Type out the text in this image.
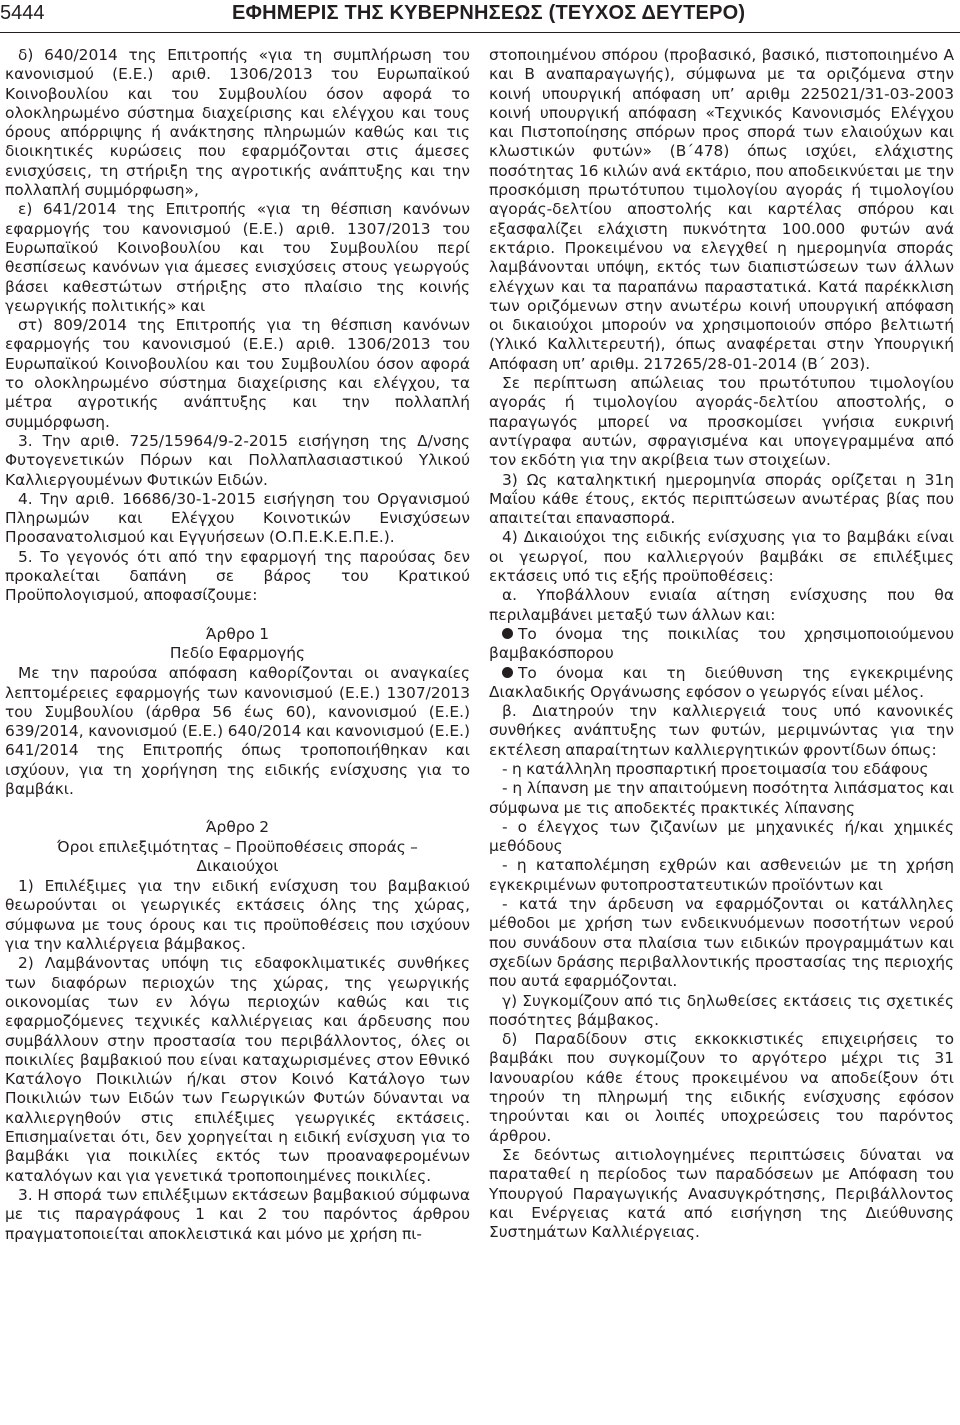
5444	ΕΦΗΜΕΡΙΣ ΤΗΣ ΚΥΒΕΡΝΗΣΕΩΣ (ΤΕΥΧΟΣ ΔΕΥΤΕΡΟ)

δ) 640/2014 της Επιτροπής «για τη συμπλήρωση του κανονισμού (Ε.Ε.) αριθ. 1306/2013 του Ευρωπαϊκού Κοινοβουλίου και του Συμβουλίου όσον αφορά το ολοκληρωμένο σύστημα διαχείρισης και ελέγχου και τους όρους απόρριψης ή ανάκτησης πληρωμών καθώς και τις διοικητικές κυρώσεις που εφαρμόζονται στις άμεσες ενισχύσεις, τη στήριξη της αγροτικής ανάπτυξης και την πολλαπλή συμμόρφωση»,

ε) 641/2014 της Επιτροπής «για τη θέσπιση κανόνων εφαρμογής του κανονισμού (Ε.Ε.) αριθ. 1307/2013 του Ευρωπαϊκού Κοινοβουλίου και του Συμβουλίου περί θεσπίσεως κανόνων για άμεσες ενισχύσεις στους γεωργούς βάσει καθεστώτων στήριξης στο πλαίσιο της κοινής γεωργικής πολιτικής» και

στ) 809/2014 της Επιτροπής για τη θέσπιση κανόνων εφαρμογής του κανονισμού (Ε.Ε.) αριθ. 1306/2013 του Ευρωπαϊκού Κοινοβουλίου και του Συμβουλίου όσον αφορά το ολοκληρωμένο σύστημα διαχείρισης και ελέγχου, τα μέτρα αγροτικής ανάπτυξης και την πολλαπλή συμμόρφωση.

3. Την αριθ. 725/15964/9-2-2015 εισήγηση της Δ/νσης Φυτογενετικών Πόρων και Πολλαπλασιαστικού Υλικού Καλλιεργουμένων Φυτικών Ειδών.

4. Την αριθ. 16686/30-1-2015 εισήγηση του Οργανισμού Πληρωμών και Ελέγχου Κοινοτικών Ενισχύσεων Προσανατολισμού και Εγγυήσεων (Ο.Π.Ε.Κ.Ε.Π.Ε.).

5. Το γεγονός ότι από την εφαρμογή της παρούσας δεν προκαλείται δαπάνη σε βάρος του Κρατικού Προϋπολογισμού, αποφασίζουμε:

Άρθρο 1

Πεδίο Εφαρμογής

Με την παρούσα απόφαση καθορίζονται οι αναγκαίες λεπτομέρειες εφαρμογής των κανονισμού (Ε.Ε.) 1307/2013 του Συμβουλίου (άρθρα 56 έως 60), κανονισμού (Ε.Ε.) 639/2014, κανονισμού (Ε.Ε.) 640/2014 και κανονισμού (Ε.Ε.) 641/2014 της Επιτροπής όπως τροποποιήθηκαν και ισχύουν, για τη χορήγηση της ειδικής ενίσχυσης για το βαμβάκι.

Άρθρο 2

Όροι επιλεξιμότητας – Προϋποθέσεις σποράς – Δικαιούχοι

1) Επιλέξιμες για την ειδική ενίσχυση του βαμβακιού θεωρούνται οι γεωργικές εκτάσεις όλης της χώρας, σύμφωνα με τους όρους και τις προϋποθέσεις που ισχύουν για την καλλιέργεια βάμβακος.

2) Λαμβάνοντας υπόψη τις εδαφοκλιματικές συνθήκες των διαφόρων περιοχών της χώρας, της γεωργικής οικονομίας των εν λόγω περιοχών καθώς και τις εφαρμοζόμενες τεχνικές καλλιέργειας και άρδευσης που συμβάλλουν στην προστασία του περιβάλλοντος, όλες οι ποικιλίες βαμβακιού που είναι καταχωρισμένες στον Εθνικό Κατάλογο Ποικιλιών ή/και στον Κοινό Κατάλογο των Ποικιλιών των Ειδών των Γεωργικών Φυτών δύνανται να καλλιεργηθούν στις επιλέξιμες γεωργικές εκτάσεις. Επισημαίνεται ότι, δεν χορηγείται η ειδική ενίσχυση για το βαμβάκι για ποικιλίες εκτός των προαναφερομένων καταλόγων και για γενετικά τροποποιημένες ποικιλίες.

3. Η σπορά των επιλέξιμων εκτάσεων βαμβακιού σύμφωνα με τις παραγράφους 1 και 2 του παρόντος άρθρου πραγματοποιείται αποκλειστικά και μόνο με χρήση πι-

στοποιημένου σπόρου (προβασικό, βασικό, πιστοποιημένο Α και Β αναπαραγωγής), σύμφωνα με τα οριζόμενα στην κοινή υπουργική απόφαση υπ’ αριθμ 225021/31-03-2003 κοινή υπουργική απόφαση «Τεχνικός Κανονισμός Ελέγχου και Πιστοποίησης σπόρων προς σπορά των ελαιούχων και κλωστικών φυτών» (Β΄478) όπως ισχύει, ελάχιστης ποσότητας 16 κιλών ανά εκτάριο, που αποδεικνύεται με την προσκόμιση πρωτότυπου τιμολογίου αγοράς ή τιμολογίου αγοράς-δελτίου αποστολής και καρτέλας σπόρου και εξασφαλίζει ελάχιστη πυκνότητα 100.000 φυτών ανά εκτάριο. Προκειμένου να ελεγχθεί η ημερομηνία σποράς λαμβάνονται υπόψη, εκτός των διαπιστώσεων των άλλων ελέγχων και τα παραπάνω παραστατικά. Κατά παρέκκλιση των οριζόμενων στην ανωτέρω κοινή υπουργική απόφαση οι δικαιούχοι μπορούν να χρησιμοποιούν σπόρο βελτιωτή (Υλικό Καλλιτερευτή), όπως αναφέρεται στην Υπουργική Απόφαση υπ’ αριθμ. 217265/28-01-2014 (Β΄ 203).

Σε περίπτωση απώλειας του πρωτότυπου τιμολογίου αγοράς ή τιμολογίου αγοράς-δελτίου αποστολής, ο παραγωγός μπορεί να προσκομίσει γνήσια ευκρινή αντίγραφα αυτών, σφραγισμένα και υπογεγραμμένα από τον εκδότη για την ακρίβεια των στοιχείων.

3) Ως καταληκτική ημερομηνία σποράς ορίζεται η 31η Μαΐου κάθε έτους, εκτός περιπτώσεων ανωτέρας βίας που απαιτείται επανασπορά.

4) Δικαιούχοι της ειδικής ενίσχυσης για το βαμβάκι είναι οι γεωργοί, που καλλιεργούν βαμβάκι σε επιλέξιμες εκτάσεις υπό τις εξής προϋποθέσεις:

α. Υποβάλλουν ενιαία αίτηση ενίσχυσης που θα περιλαμβάνει μεταξύ των άλλων και:

Το όνομα της ποικιλίας του χρησιμοποιούμενου βαμβακόσπορου

Το όνομα και τη διεύθυνση της εγκεκριμένης Διακλαδικής Οργάνωσης εφόσον ο γεωργός είναι μέλος.

β. Διατηρούν την καλλιεργειά τους υπό κανονικές συνθήκες ανάπτυξης των φυτών, μεριμνώντας για την εκτέλεση απαραίτητων καλλιεργητικών φροντίδων όπως:

- η κατάλληλη προσπαρτική προετοιμασία του εδάφους

- η λίπανση με την απαιτούμενη ποσότητα λιπάσματος και σύμφωνα με τις αποδεκτές πρακτικές λίπανσης

- ο έλεγχος των ζιζανίων με μηχανικές ή/και χημικές μεθόδους

- η καταπολέμηση εχθρών και ασθενειών με τη χρήση εγκεκριμένων φυτοπροστατευτικών προϊόντων και

- κατά την άρδευση να εφαρμόζονται οι κατάλληλες μέθοδοι με χρήση των ενδεικνυόμενων ποσοτήτων νερού που συνάδουν στα πλαίσια των ειδικών προγραμμάτων και σχεδίων δράσης περιβαλλοντικής προστασίας της περιοχής που αυτά εφαρμόζονται.

γ) Συγκομίζουν από τις δηλωθείσες εκτάσεις τις σχετικές ποσότητες βάμβακος.

δ) Παραδίδουν στις εκκοκκιστικές επιχειρήσεις το βαμβάκι που συγκομίζουν το αργότερο μέχρι τις 31 Ιανουαρίου κάθε έτους προκειμένου να αποδείξουν ότι τηρούν τη πληρωμή της ειδικής ενίσχυσης εφόσον τηρούνται και οι λοιπές υποχρεώσεις του παρόντος άρθρου.

Σε δεόντως αιτιολογημένες περιπτώσεις δύναται να παραταθεί η περίοδος των παραδόσεων με Απόφαση του Υπουργού Παραγωγικής Ανασυγκρότησης, Περιβάλλοντος και Ενέργειας κατά από εισήγηση της Διεύθυνσης Συστημάτων Καλλιέργειας.
